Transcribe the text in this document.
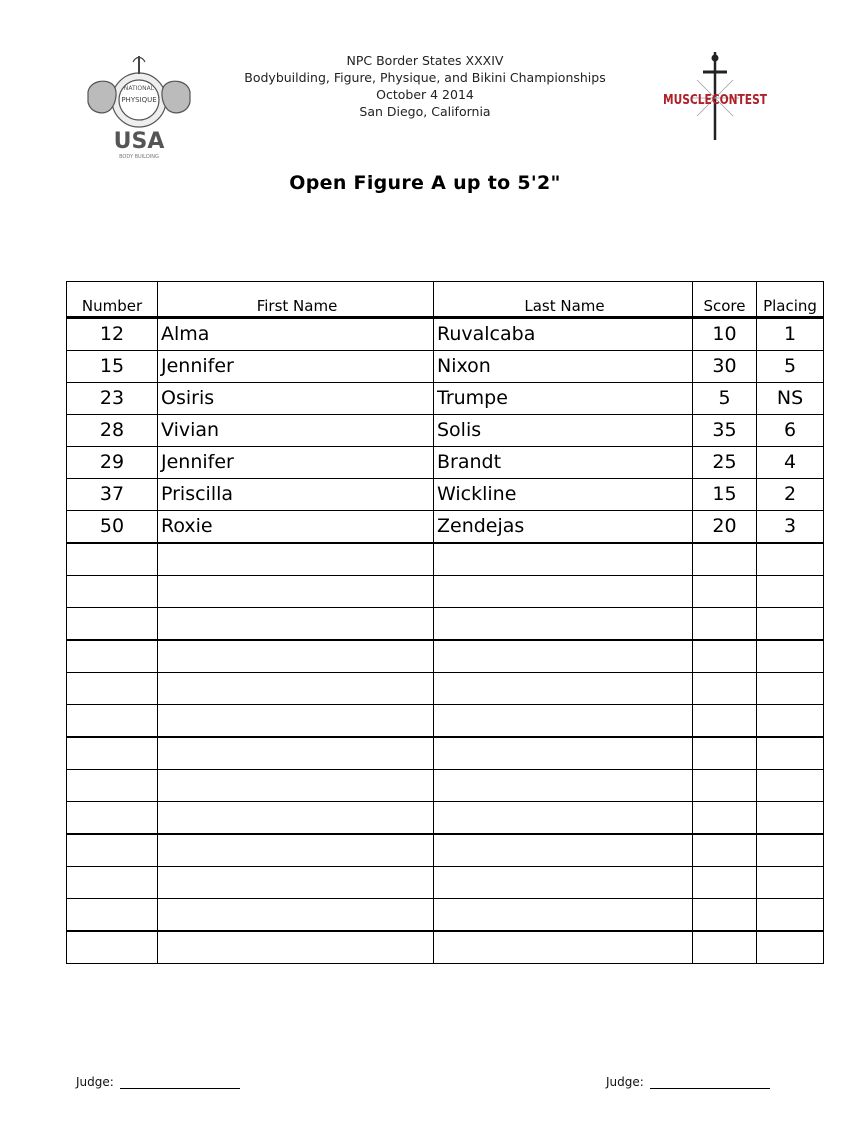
NATIONAL
PHYSIQUE
USA
BODY BUILDING
MUSCLECONTEST
NPC Border States XXXIV
Bodybuilding, Figure, Physique, and Bikini Championships
October 4 2014
San Diego, California
Open Figure A up to 5'2"
Number	First Name	Last Name	Score	Placing
12	Alma	Ruvalcaba	10	1
15	Jennifer	Nixon	30	5
23	Osiris	Trumpe	5	NS
28	Vivian	Solis	35	6
29	Jennifer	Brandt	25	4
37	Priscilla	Wickline	15	2
50	Roxie	Zendejas	20	3

Judge:	Judge:
